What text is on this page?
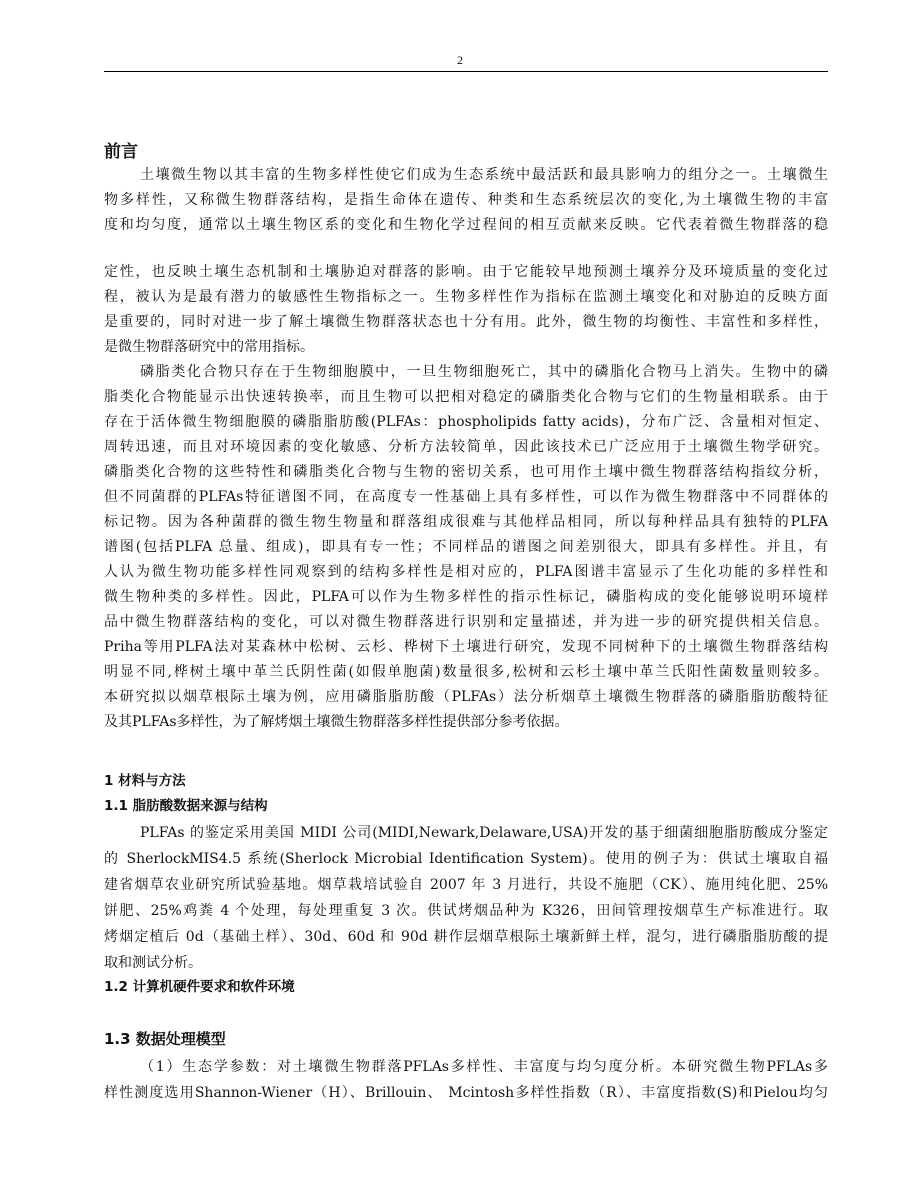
2
前言
土壤微生物以其丰富的生物多样性使它们成为生态系统中最活跃和最具影响力的组分之一。土壤微生
物多样性，又称微生物群落结构，是指生命体在遗传、种类和生态系统层次的变化,为土壤微生物的丰富
度和均匀度，通常以土壤生物区系的变化和生物化学过程间的相互贡献来反映。它代表着微生物群落的稳
定性，也反映土壤生态机制和土壤胁迫对群落的影响。由于它能较早地预测土壤养分及环境质量的变化过
程，被认为是最有潜力的敏感性生物指标之一。生物多样性作为指标在监测土壤变化和对胁迫的反映方面
是重要的，同时对进一步了解土壤微生物群落状态也十分有用。此外，微生物的均衡性、丰富性和多样性，
是微生物群落研究中的常用指标。
磷脂类化合物只存在于生物细胞膜中，一旦生物细胞死亡，其中的磷脂化合物马上消失。生物中的磷
脂类化合物能显示出快速转换率，而且生物可以把相对稳定的磷脂类化合物与它们的生物量相联系。由于
存在于活体微生物细胞膜的磷脂脂肪酸(PLFAs：phospholipids fatty acids)，分布广泛、含量相对恒定、
周转迅速，而且对环境因素的变化敏感、分析方法较简单，因此该技术已广泛应用于土壤微生物学研究。
磷脂类化合物的这些特性和磷脂类化合物与生物的密切关系，也可用作土壤中微生物群落结构指纹分析，
但不同菌群的PLFAs特征谱图不同，在高度专一性基础上具有多样性，可以作为微生物群落中不同群体的
标记物。因为各种菌群的微生物生物量和群落组成很难与其他样品相同，所以每种样品具有独特的PLFA
谱图(包括PLFA 总量、组成)，即具有专一性；不同样品的谱图之间差别很大，即具有多样性。并且，有
人认为微生物功能多样性同观察到的结构多样性是相对应的，PLFA图谱丰富显示了生化功能的多样性和
微生物种类的多样性。因此，PLFA可以作为生物多样性的指示性标记，磷脂构成的变化能够说明环境样
品中微生物群落结构的变化，可以对微生物群落进行识别和定量描述，并为进一步的研究提供相关信息。
Priha等用PLFA法对某森林中松树、云杉、桦树下土壤进行研究，发现不同树种下的土壤微生物群落结构
明显不同,桦树土壤中革兰氏阴性菌(如假单胞菌)数量很多,松树和云杉土壤中革兰氏阳性菌数量则较多。
本研究拟以烟草根际土壤为例，应用磷脂脂肪酸（PLFAs）法分析烟草土壤微生物群落的磷脂脂肪酸特征
及其PLFAs多样性，为了解烤烟土壤微生物群落多样性提供部分参考依据。
1 材料与方法
1.1 脂肪酸数据来源与结构
PLFAs 的鉴定采用美国 MIDI 公司(MIDI,Newark,Delaware,USA)开发的基于细菌细胞脂肪酸成分鉴定
的 SherlockMIS4.5 系统(Sherlock Microbial Identification System)。使用的例子为：供试土壤取自福
建省烟草农业研究所试验基地。烟草栽培试验自 2007 年 3 月进行，共设不施肥（CK）、施用纯化肥、25%
饼肥、25%鸡粪 4 个处理，每处理重复 3 次。供试烤烟品种为 K326，田间管理按烟草生产标准进行。取
烤烟定植后 0d（基础土样）、30d、60d 和 90d 耕作层烟草根际土壤新鲜土样，混匀，进行磷脂脂肪酸的提
取和测试分析。
1.2 计算机硬件要求和软件环境
1.3 数据处理模型
（1）生态学参数：对土壤微生物群落PFLAs多样性、丰富度与均匀度分析。本研究微生物PFLAs多
样性测度选用Shannon-Wiener（H）、Brillouin、 Mcintosh多样性指数（R）、丰富度指数(S)和Pielou均匀
